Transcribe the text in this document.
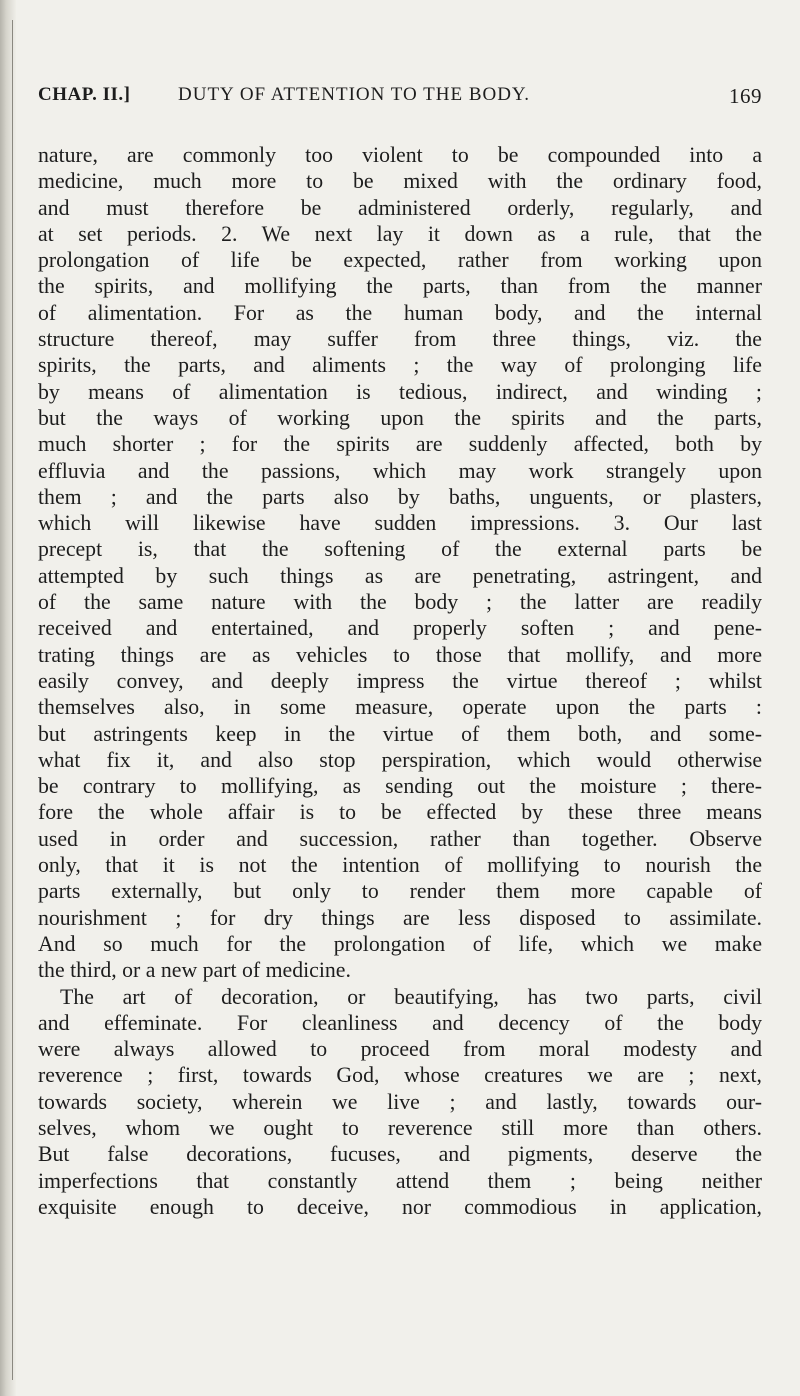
CHAP. II.]	DUTY OF ATTENTION TO THE BODY.	169
nature, are commonly too violent to be compounded into a
medicine, much more to be mixed with the ordinary food,
and must therefore be administered orderly, regularly, and
at set periods. 2. We next lay it down as a rule, that the
prolongation of life be expected, rather from working upon
the spirits, and mollifying the parts, than from the manner
of alimentation. For as the human body, and the internal
structure thereof, may suffer from three things, viz. the
spirits, the parts, and aliments ; the way of prolonging life
by means of alimentation is tedious, indirect, and winding ;
but the ways of working upon the spirits and the parts,
much shorter ; for the spirits are suddenly affected, both by
effluvia and the passions, which may work strangely upon
them ; and the parts also by baths, unguents, or plasters,
which will likewise have sudden impressions. 3. Our last
precept is, that the softening of the external parts be
attempted by such things as are penetrating, astringent, and
of the same nature with the body ; the latter are readily
received and entertained, and properly soften ; and pene-
trating things are as vehicles to those that mollify, and more
easily convey, and deeply impress the virtue thereof ; whilst
themselves also, in some measure, operate upon the parts :
but astringents keep in the virtue of them both, and some-
what fix it, and also stop perspiration, which would otherwise
be contrary to mollifying, as sending out the moisture ; there-
fore the whole affair is to be effected by these three means
used in order and succession, rather than together. Observe
only, that it is not the intention of mollifying to nourish the
parts externally, but only to render them more capable of
nourishment ; for dry things are less disposed to assimilate.
And so much for the prolongation of life, which we make
the third, or a new part of medicine.
The art of decoration, or beautifying, has two parts, civil
and effeminate. For cleanliness and decency of the body
were always allowed to proceed from moral modesty and
reverence ; first, towards God, whose creatures we are ; next,
towards society, wherein we live ; and lastly, towards our-
selves, whom we ought to reverence still more than others.
But false decorations, fucuses, and pigments, deserve the
imperfections that constantly attend them ; being neither
exquisite enough to deceive, nor commodious in application,
